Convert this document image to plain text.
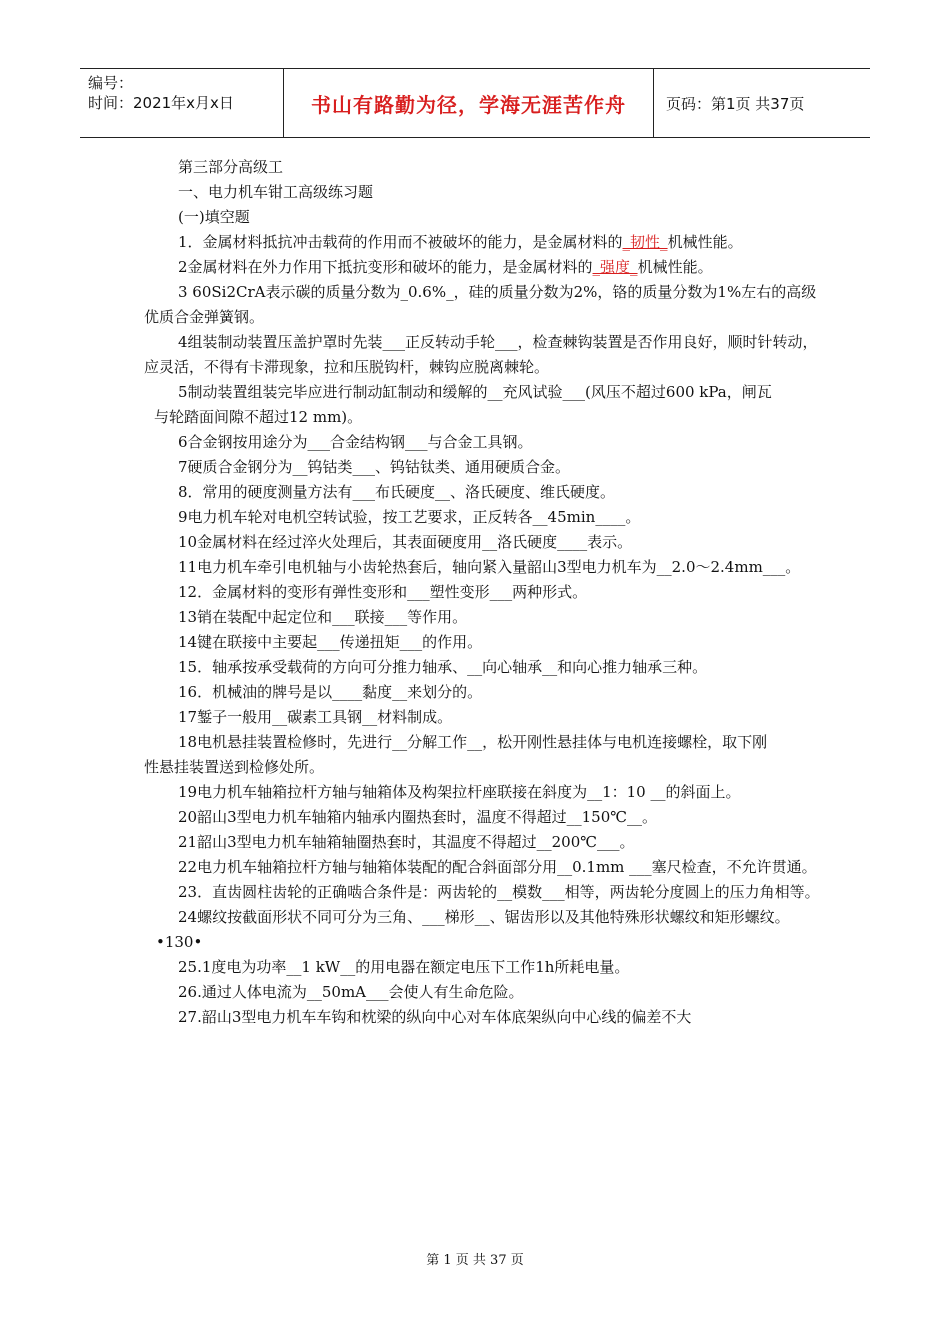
编号：
时间：2021年x月x日	书山有路勤为径，学海无涯苦作舟	页码：第1页 共37页

第三部分高级工

一、电力机车钳工高级练习题

(一)填空题

1．金属材料抵抗冲击载荷的作用而不被破坏的能力，是金属材料的_韧性_机械性能。

2金属材料在外力作用下抵抗变形和破坏的能力，是金属材料的_强度_机械性能。

3 60Si2CrA表示碳的质量分数为_0.6%_，硅的质量分数为2%，铬的质量分数为1%左右的高级优质合金弹簧钢。

4组装制动装置压盖护罩时先装___正反转动手轮___，检查棘钩装置是否作用良好，顺时针转动，应灵活，不得有卡滞现象，拉和压脱钩杆，棘钩应脱离棘轮。

5制动装置组装完毕应进行制动缸制动和缓解的__充风试验___(风压不超过600 kPa，闸瓦

与轮踏面间隙不超过12 mm)。

6合金钢按用途分为___合金结构钢___与合金工具钢。

7硬质合金钢分为__钨钴类___、钨钴钛类、通用硬质合金。

8．常用的硬度测量方法有___布氏硬度__、洛氏硬度、维氏硬度。

9电力机车轮对电机空转试验，按工艺要求，正反转各__45min____。

10金属材料在经过淬火处理后，其表面硬度用__洛氏硬度____表示。

11电力机车牵引电机轴与小齿轮热套后，轴向紧入量韶山3型电力机车为__2.0～2.4mm___。

12．金属材料的变形有弹性变形和___塑性变形___两种形式。

13销在装配中起定位和___联接___等作用。

14键在联接中主要起___传递扭矩___的作用。

15．轴承按承受载荷的方向可分推力轴承、__向心轴承__和向心推力轴承三种。

16．机械油的牌号是以____黏度__来划分的。

17錾子一般用__碳素工具钢__材料制成。

18电机悬挂装置检修时，先进行__分解工作__，松开刚性悬挂体与电机连接螺栓，取下刚

性悬挂装置送到检修处所。

19电力机车轴箱拉杆方轴与轴箱体及构架拉杆座联接在斜度为__1：10 __的斜面上。

20韶山3型电力机车轴箱内轴承内圈热套时，温度不得超过__150℃__。

21韶山3型电力机车轴箱轴圈热套时，其温度不得超过__200℃___。

22电力机车轴箱拉杆方轴与轴箱体装配的配合斜面部分用__0.1mm ___塞尺检查，不允许贯通。

23．直齿圆柱齿轮的正确啮合条件是：两齿轮的__模数___相等，两齿轮分度圆上的压力角相等。

24螺纹按截面形状不同可分为三角、___梯形__、锯齿形以及其他特殊形状螺纹和矩形螺纹。

•130•

25.1度电为功率__1 kW__的用电器在额定电压下工作1h所耗电量。

26.通过人体电流为__50mA___会使人有生命危险。

27.韶山3型电力机车车钩和枕梁的纵向中心对车体底架纵向中心线的偏差不大

第 1 页 共 37 页
